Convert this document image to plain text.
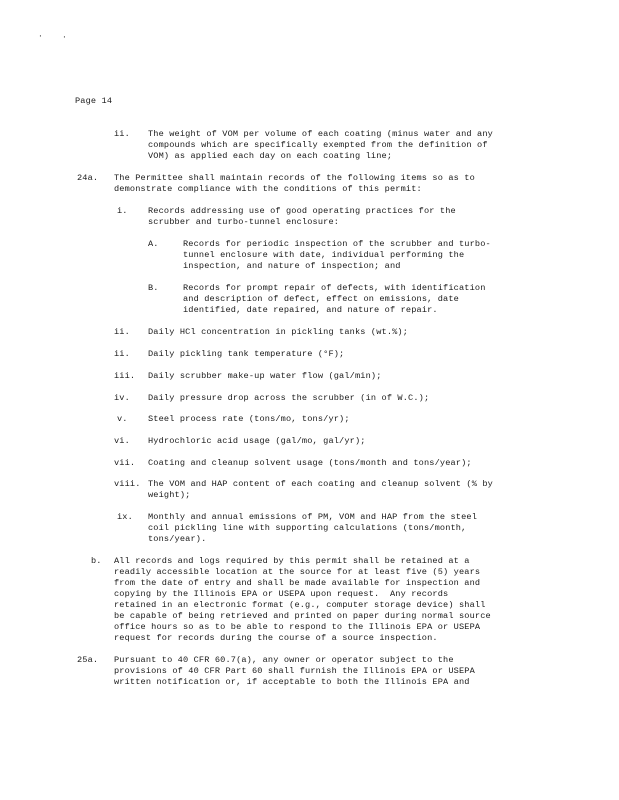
· ·
Page 14
ii. The weight of VOM per volume of each coating (minus water and any
compounds which are specifically exempted from the definition of
VOM) as applied each day on each coating line;
24a. The Permittee shall maintain records of the following items so as to
demonstrate compliance with the conditions of this permit:
i. Records addressing use of good operating practices for the
scrubber and turbo-tunnel enclosure:
A.	Records for periodic inspection of the scrubber and turbo-
tunnel enclosure with date, individual performing the
inspection, and nature of inspection; and
B.	Records for prompt repair of defects, with identification
and description of defect, effect on emissions, date
identified, date repaired, and nature of repair.
ii. Daily HCl concentration in pickling tanks (wt.%);
ii. Daily pickling tank temperature (°F);
iii. Daily scrubber make-up water flow (gal/min);
iv. Daily pressure drop across the scrubber (in of W.C.);
v. Steel process rate (tons/mo, tons/yr);
vi. Hydrochloric acid usage (gal/mo, gal/yr);
vii. Coating and cleanup solvent usage (tons/month and tons/year);
viii. The VOM and HAP content of each coating and cleanup solvent (% by
weight);
ix. Monthly and annual emissions of PM, VOM and HAP from the steel
coil pickling line with supporting calculations (tons/month,
tons/year).
b. All records and logs required by this permit shall be retained at a
readily accessible location at the source for at least five (5) years
from the date of entry and shall be made available for inspection and
copying by the Illinois EPA or USEPA upon request.  Any records
retained in an electronic format (e.g., computer storage device) shall
be capable of being retrieved and printed on paper during normal source
office hours so as to be able to respond to the Illinois EPA or USEPA
request for records during the course of a source inspection.
25a. Pursuant to 40 CFR 60.7(a), any owner or operator subject to the
provisions of 40 CFR Part 60 shall furnish the Illinois EPA or USEPA
written notification or, if acceptable to both the Illinois EPA and
